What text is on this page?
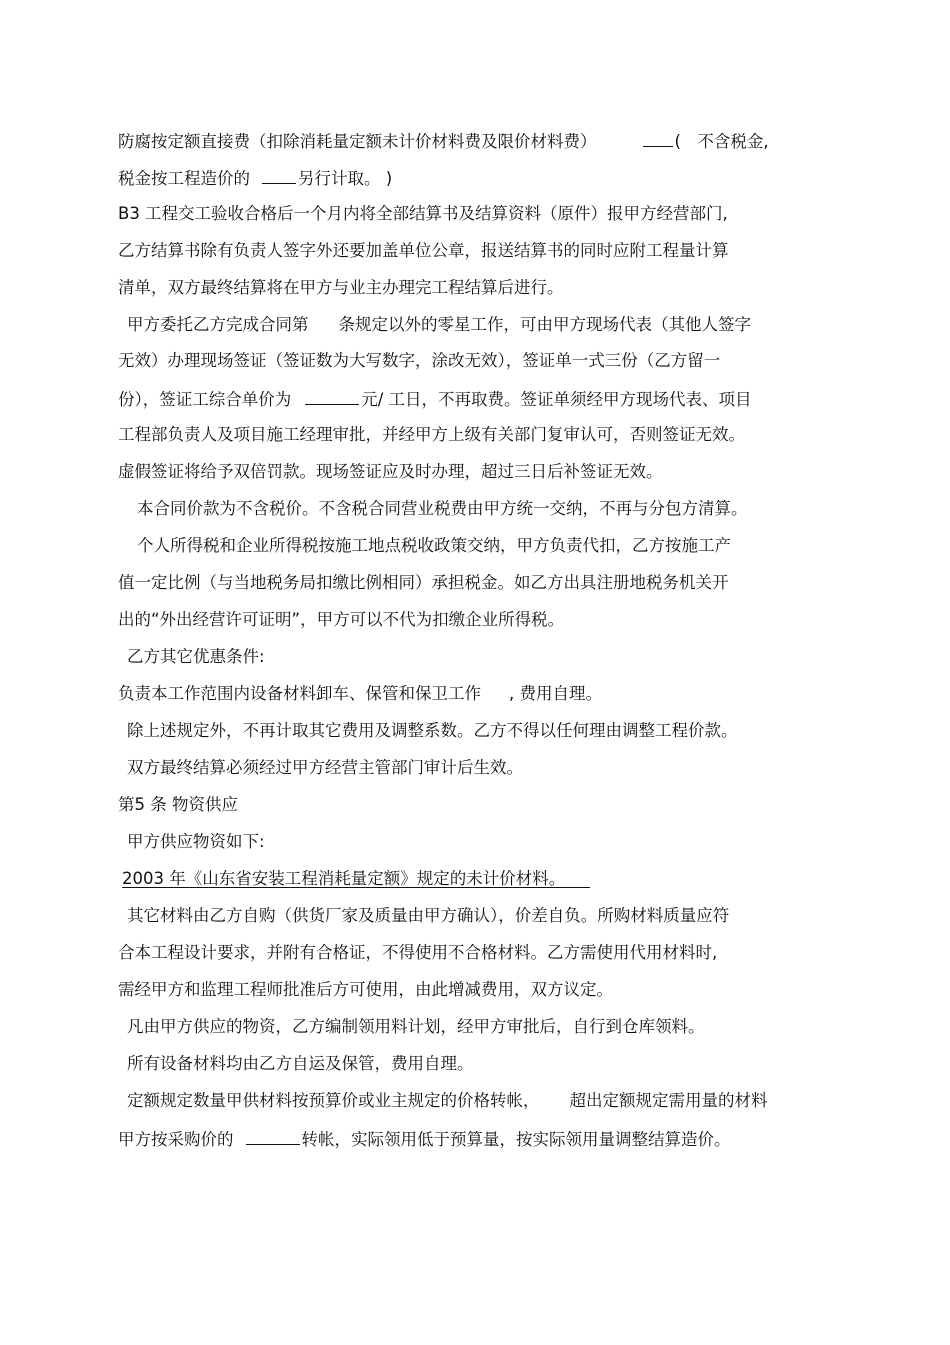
防腐按定额直接费（扣除消耗量定额未计价材料费及限价材料费）	(　不含税金,
税金按工程造价的	另行计取。 )
B3 工程交工验收合格后一个月内将全部结算书及结算资料（原件）报甲方经营部门,
乙方结算书除有负责人签字外还要加盖单位公章，报送结算书的同时应附工程量计算
清单，双方最终结算将在甲方与业主办理完工程结算后进行。
甲方委托乙方完成合同第 条规定以外的零星工作，可由甲方现场代表（其他人签字
无效）办理现场签证（签证数为大写数字，涂改无效），签证单一式三份（乙方留一
份），签证工综合单价为	元/ 工日，不再取费。签证单须经甲方现场代表、项目
工程部负责人及项目施工经理审批，并经甲方上级有关部门复审认可，否则签证无效。
虚假签证将给予双倍罚款。现场签证应及时办理，超过三日后补签证无效。
本合同价款为不含税价。不含税合同营业税费由甲方统一交纳，不再与分包方清算。
个人所得税和企业所得税按施工地点税收政策交纳，甲方负责代扣，乙方按施工产
值一定比例（与当地税务局扣缴比例相同）承担税金。如乙方出具注册地税务机关开
出的“外出经营许可证明”，甲方可以不代为扣缴企业所得税。
乙方其它优惠条件:
负责本工作范围内设备材料卸车、保管和保卫工作 , 费用自理。
除上述规定外，不再计取其它费用及调整系数。乙方不得以任何理由调整工程价款。
双方最终结算必须经过甲方经营主管部门审计后生效。
第5 条 物资供应
甲方供应物资如下:
2003 年《山东省安装工程消耗量定额》规定的未计价材料。　　
其它材料由乙方自购（供货厂家及质量由甲方确认），价差自负。所购材料质量应符
合本工程设计要求，并附有合格证，不得使用不合格材料。乙方需使用代用材料时,
需经甲方和监理工程师批准后方可使用，由此增减费用，双方议定。
凡由甲方供应的物资，乙方编制领用料计划，经甲方审批后，自行到仓库领料。
所有设备材料均由乙方自运及保管，费用自理。
定额规定数量甲供材料按预算价或业主规定的价格转帐， 超出定额规定需用量的材料
甲方按采购价的	转帐，实际领用低于预算量，按实际领用量调整结算造价。
